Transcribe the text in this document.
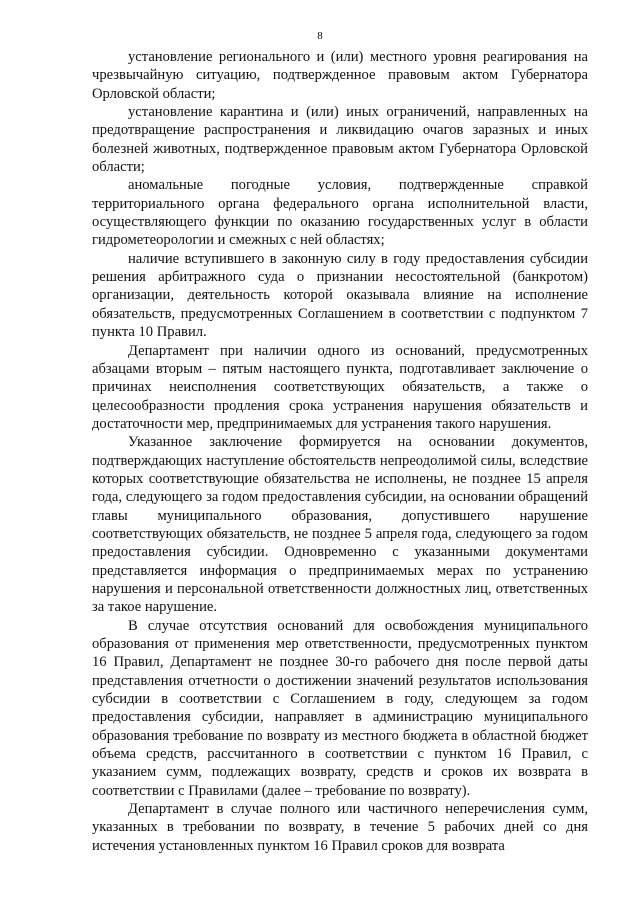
8

установление регионального и (или) местного уровня реагирования на чрезвычайную ситуацию, подтвержденное правовым актом Губернатора Орловской области;

установление карантина и (или) иных ограничений, направленных на предотвращение распространения и ликвидацию очагов заразных и иных болезней животных, подтвержденное правовым актом Губернатора Орловской области;

аномальные погодные условия, подтвержденные справкой территориального органа федерального органа исполнительной власти, осуществляющего функции по оказанию государственных услуг в области гидрометеорологии и смежных с ней областях;

наличие вступившего в законную силу в году предоставления субсидии решения арбитражного суда о признании несостоятельной (банкротом) организации, деятельность которой оказывала влияние на исполнение обязательств, предусмотренных Соглашением в соответствии с подпунктом 7 пункта 10 Правил.

Департамент при наличии одного из оснований, предусмотренных абзацами вторым – пятым настоящего пункта, подготавливает заключение о причинах неисполнения соответствующих обязательств, а также о целесообразности продления срока устранения нарушения обязательств и достаточности мер, предпринимаемых для устранения такого нарушения.

Указанное заключение формируется на основании документов, подтверждающих наступление обстоятельств непреодолимой силы, вследствие которых соответствующие обязательства не исполнены, не позднее 15 апреля года, следующего за годом предоставления субсидии, на основании обращений главы муниципального образования, допустившего нарушение соответствующих обязательств, не позднее 5 апреля года, следующего за годом предоставления субсидии. Одновременно с указанными документами представляется информация о предпринимаемых мерах по устранению нарушения и персональной ответственности должностных лиц, ответственных за такое нарушение.

В случае отсутствия оснований для освобождения муниципального образования от применения мер ответственности, предусмотренных пунктом 16 Правил, Департамент не позднее 30-го рабочего дня после первой даты представления отчетности о достижении значений результатов использования субсидии в соответствии с Соглашением в году, следующем за годом предоставления субсидии, направляет в администрацию муниципального образования требование по возврату из местного бюджета в областной бюджет объема средств, рассчитанного в соответствии с пунктом 16 Правил, с указанием сумм, подлежащих возврату, средств и сроков их возврата в соответствии с Правилами (далее – требование по возврату).

Департамент в случае полного или частичного неперечисления сумм, указанных в требовании по возврату, в течение 5 рабочих дней со дня истечения установленных пунктом 16 Правил сроков для возврата
